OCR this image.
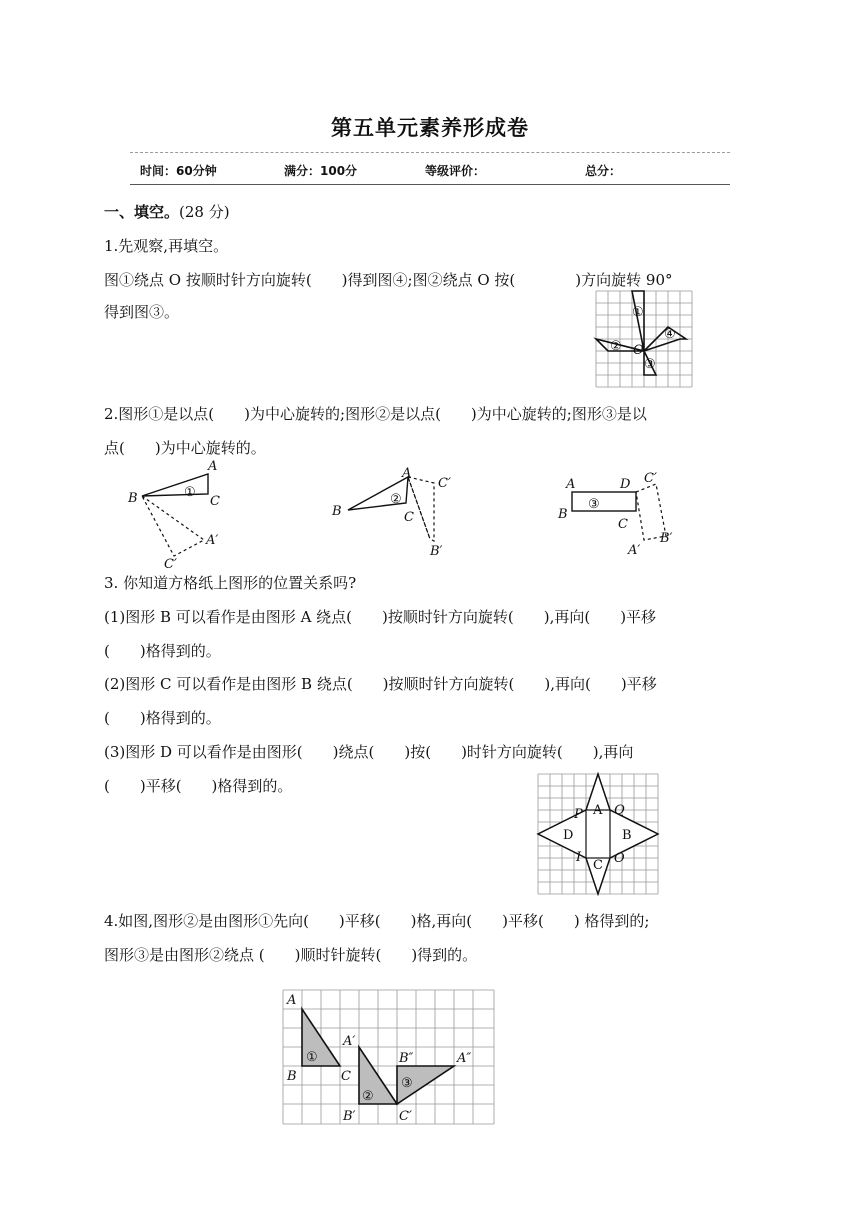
第五单元素养形成卷
时间：60分钟	满分：100分	等级评价：	总分：
一、填空。(28 分)
1.先观察,再填空。
图①绕点 O 按顺时针方向旋转(　　)得到图④;图②绕点 O 按(　　　　)方向旋转 90°
得到图③。	①
②
③
④
O
2.图形①是以点(　　)为中心旋转的;图形②是以点(　　)为中心旋转的;图形③是以
点(　　)为中心旋转的。
A
B	C
①
A′
C′
A
B	C
②
C′
B′
A
B
D
C
③
C′
B′
A′
3. 你知道方格纸上图形的位置关系吗?
(1)图形 B 可以看作是由图形 A 绕点(　　)按顺时针方向旋转(　　),再向(　　)平移
(　　)格得到的。
(2)图形 C 可以看作是由图形 B 绕点(　　)按顺时针方向旋转(　　),再向(　　)平移
(　　)格得到的。
(3)图形 D 可以看作是由图形(　　)绕点(　　)按(　　)时针方向旋转(　　),再向
(　　)平移(　　)格得到的。
A
B
C
D
P Q
I	O
4.如图,图形②是由图形①先向(　　)平移(　　)格,再向(　　)平移(　　) 格得到的;
图形③是由图形②绕点 (　　)顺时针旋转(　　)得到的。
A
B	C
①
A′
②
B′	C′
B″
③
A″
